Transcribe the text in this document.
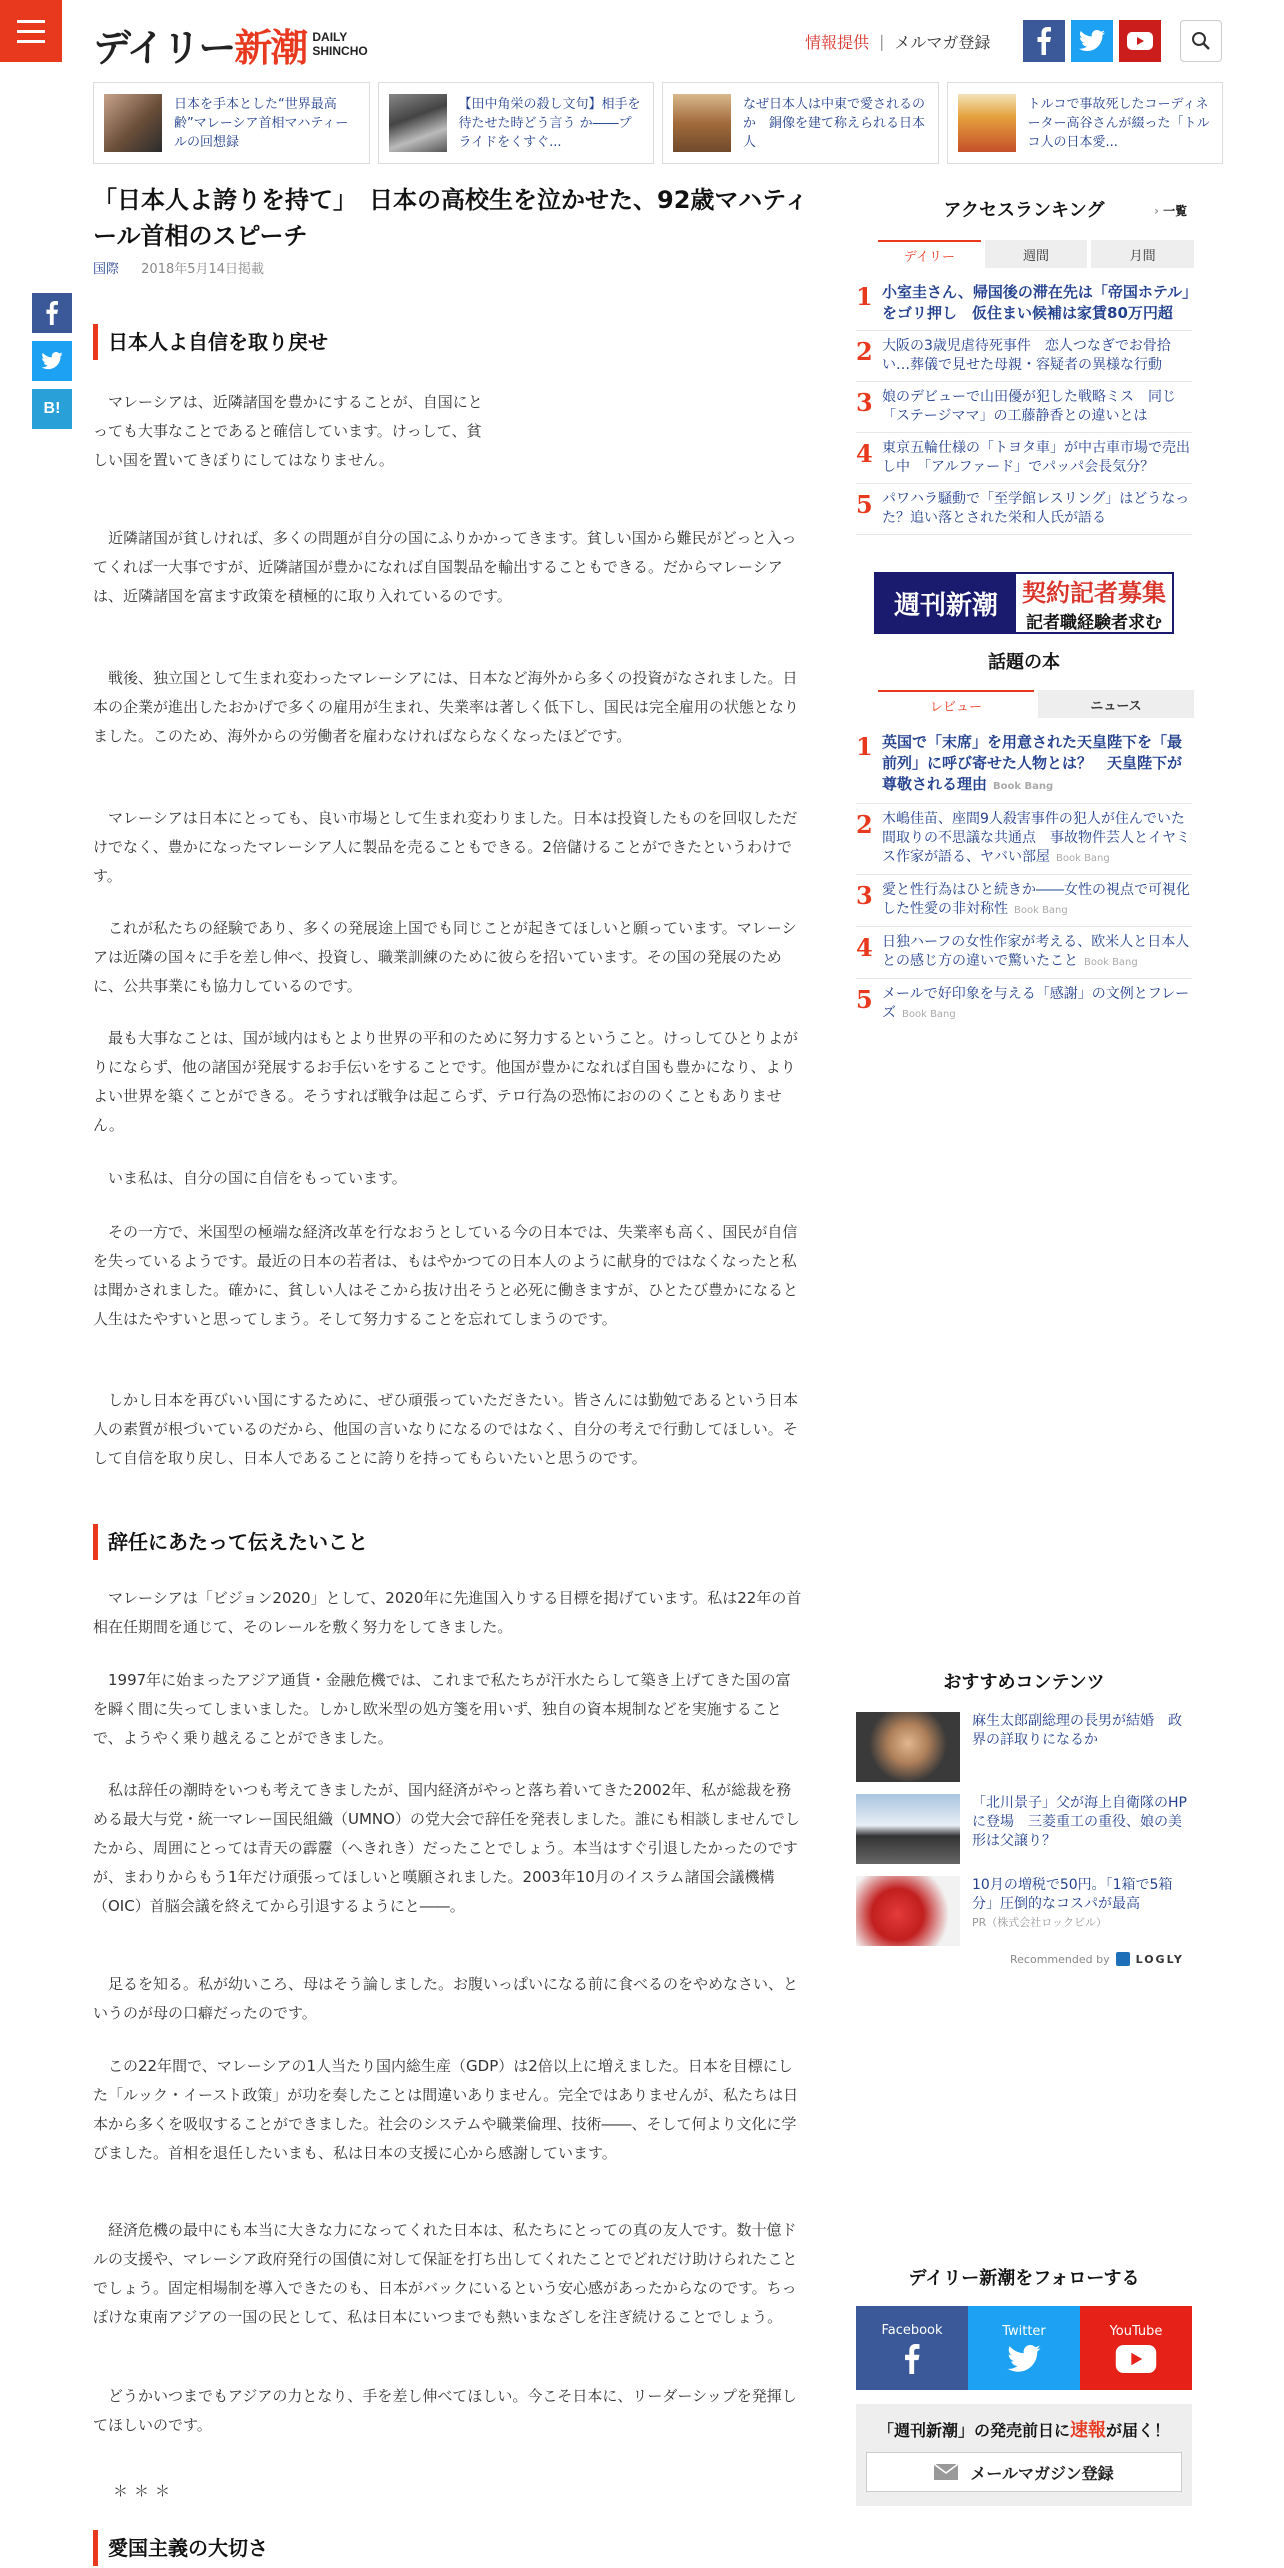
デイリー新潮 DAILY
SHINCHO	情報提供 | メルマガ登録
日本を手本とした“世界最高齢”マレーシア首相マハティールの回想録
【田中角栄の殺し文句】相手を待たせた時どう言う か――プライドをくすぐ...
なぜ日本人は中東で愛されるのか　銅像を建て称えられる日本人
トルコで事故死したコーディネーター高谷さんが綴った「トルコ人の日本愛...
「日本人よ誇りを持て」　日本の高校生を泣かせた、92歳マハティール首相のスピーチ
国際 2018年5月14日掲載
B!
日本人よ自信を取り戻せ

マレーシアは、近隣諸国を豊かにすることが、自国にとっても大事なことであると確信しています。けっして、貧しい国を置いてきぼりにしてはなりません。

近隣諸国が貧しければ、多くの問題が自分の国にふりかかってきます。貧しい国から難民がどっと入ってくれば一大事ですが、近隣諸国が豊かになれば自国製品を輸出することもできる。だからマレーシアは、近隣諸国を富ます政策を積極的に取り入れているのです。

戦後、独立国として生まれ変わったマレーシアには、日本など海外から多くの投資がなされました。日本の企業が進出したおかげで多くの雇用が生まれ、失業率は著しく低下し、国民は完全雇用の状態となりました。このため、海外からの労働者を雇わなければならなくなったほどです。

マレーシアは日本にとっても、良い市場として生まれ変わりました。日本は投資したものを回収しただけでなく、豊かになったマレーシア人に製品を売ることもできる。2倍儲けることができたというわけです。

これが私たちの経験であり、多くの発展途上国でも同じことが起きてほしいと願っています。マレーシアは近隣の国々に手を差し伸べ、投資し、職業訓練のために彼らを招いています。その国の発展のために、公共事業にも協力しているのです。

最も大事なことは、国が域内はもとより世界の平和のために努力するということ。けっしてひとりよがりにならず、他の諸国が発展するお手伝いをすることです。他国が豊かになれば自国も豊かになり、よりよい世界を築くことができる。そうすれば戦争は起こらず、テロ行為の恐怖におののくこともありません。

いま私は、自分の国に自信をもっています。

その一方で、米国型の極端な経済改革を行なおうとしている今の日本では、失業率も高く、国民が自信を失っているようです。最近の日本の若者は、もはやかつての日本人のように献身的ではなくなったと私は聞かされました。確かに、貧しい人はそこから抜け出そうと必死に働きますが、ひとたび豊かになると人生はたやすいと思ってしまう。そして努力することを忘れてしまうのです。

しかし日本を再びいい国にするために、ぜひ頑張っていただきたい。皆さんには勤勉であるという日本人の素質が根づいているのだから、他国の言いなりになるのではなく、自分の考えで行動してほしい。そして自信を取り戻し、日本人であることに誇りを持ってもらいたいと思うのです。

辞任にあたって伝えたいこと

マレーシアは「ビジョン2020」として、2020年に先進国入りする目標を掲げています。私は22年の首相在任期間を通じて、そのレールを敷く努力をしてきました。

1997年に始まったアジア通貨・金融危機では、これまで私たちが汗水たらして築き上げてきた国の富を瞬く間に失ってしまいました。しかし欧米型の処方箋を用いず、独自の資本規制などを実施することで、ようやく乗り越えることができました。

私は辞任の潮時をいつも考えてきましたが、国内経済がやっと落ち着いてきた2002年、私が総裁を務める最大与党・統一マレー国民組織（UMNO）の党大会で辞任を発表しました。誰にも相談しませんでしたから、周囲にとっては青天の霹靂（へきれき）だったことでしょう。本当はすぐ引退したかったのですが、まわりからもう1年だけ頑張ってほしいと嘆願されました。2003年10月のイスラム諸国会議機構（OIC）首脳会議を終えてから引退するようにと――。

足るを知る。私が幼いころ、母はそう論しました。お腹いっぱいになる前に食べるのをやめなさい、というのが母の口癖だったのです。

この22年間で、マレーシアの1人当たり国内総生産（GDP）は2倍以上に増えました。日本を目標にした「ルック・イースト政策」が功を奏したことは間違いありません。完全ではありませんが、私たちは日本から多くを吸収することができました。社会のシステムや職業倫理、技術――、そして何より文化に学びました。首相を退任したいまも、私は日本の支援に心から感謝しています。

経済危機の最中にも本当に大きな力になってくれた日本は、私たちにとっての真の友人です。数十億ドルの支援や、マレーシア政府発行の国債に対して保証を打ち出してくれたことでどれだけ助けられたことでしょう。固定相場制を導入できたのも、日本がバックにいるという安心感があったからなのです。ちっぽけな東南アジアの一国の民として、私は日本にいつまでも熱いまなざしを注ぎ続けることでしょう。

どうかいつまでもアジアの力となり、手を差し伸べてほしい。今こそ日本に、リーダーシップを発揮してほしいのです。

＊＊＊
愛国主義の大切さ
アクセスランキング	› 一覧
デイリー	週間	月間
1 小室圭さん、帰国後の滞在先は「帝国ホテル」をゴリ押し　仮住まい候補は家賃80万円超
2 大阪の3歳児虐待死事件　恋人つなぎでお骨拾い…葬儀で見せた母親・容疑者の異様な行動
3 娘のデビューで山田優が犯した戦略ミス　同じ「ステージママ」の工藤静香との違いとは
4 東京五輪仕様の「トヨタ車」が中古車市場で売出し中　「アルファード」でパッパ会長気分？
5 パワハラ騒動で「至学館レスリング」はどうなった？追い落とされた栄和人氏が語る
週刊新潮	契約記者募集
記者職経験者求む
話題の本
レビュー	ニュース
1 英国で「末席」を用意された天皇陛下を「最前列」に呼び寄せた人物とは？　天皇陛下が尊敬される理由 Book Bang
2 木嶋佳苗、座間9人殺害事件の犯人が住んでいた間取りの不思議な共通点　事故物件芸人とイヤミス作家が語る、ヤバい部屋 Book Bang
3 愛と性行為はひと続きか――女性の視点で可視化した性愛の非対称性 Book Bang
4 日独ハーフの女性作家が考える、欧米人と日本人との感じ方の違いで驚いたこと Book Bang
5 メールで好印象を与える「感謝」の文例とフレーズ Book Bang
おすすめコンテンツ
麻生太郎副総理の長男が結婚　政界の詳取りになるか
「北川景子」父が海上自衛隊のHPに登場　三菱重工の重役、娘の美形は父譲り？
10月の増税で50円。「1箱で5箱分」圧倒的なコスパが最高
PR（株式会社ロックビル）
Recommended by LOGLY
デイリー新潮をフォローする
Facebook	Twitter	YouTube
「週刊新潮」の発売前日に速報が届く！
メールマガジン登録
